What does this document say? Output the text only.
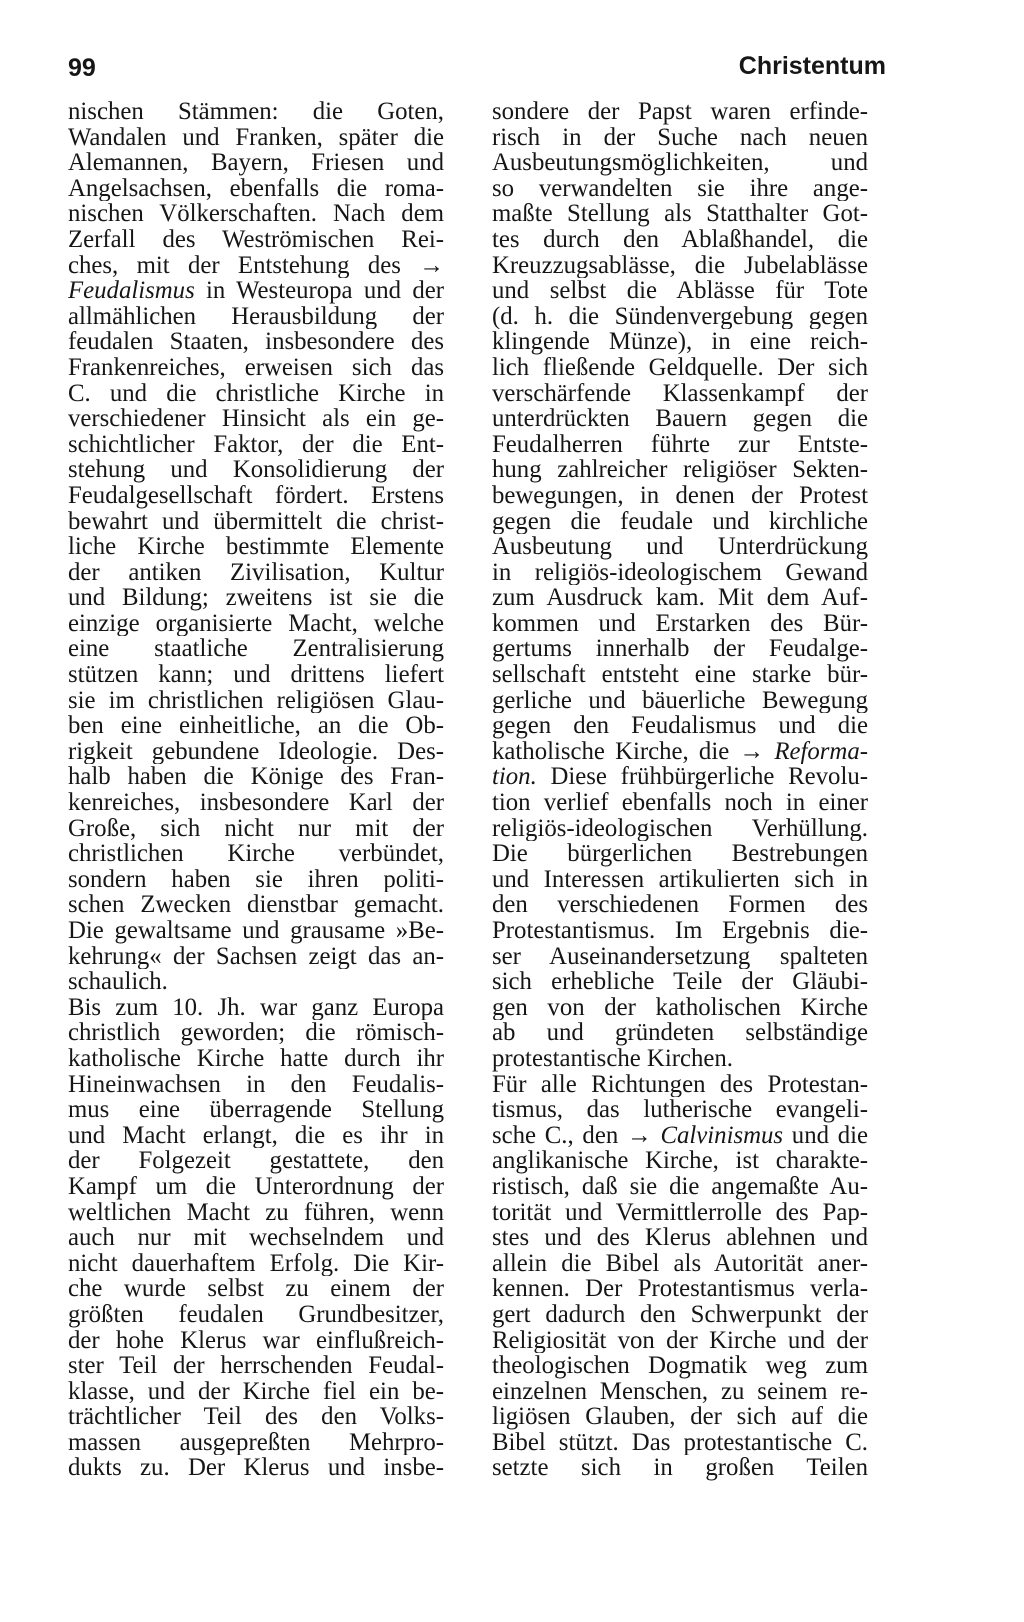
99	Christentum
nischen Stämmen: die Goten,
Wandalen und Franken, später die
Alemannen, Bayern, Friesen und
Angelsachsen, ebenfalls die roma-
nischen Völkerschaften. Nach dem
Zerfall des Weströmischen Rei-
ches, mit der Entstehung des →
Feudalismus in Westeuropa und der
allmählichen Herausbildung der
feudalen Staaten, insbesondere des
Frankenreiches, erweisen sich das
C. und die christliche Kirche in
verschiedener Hinsicht als ein ge-
schichtlicher Faktor, der die Ent-
stehung und Konsolidierung der
Feudalgesellschaft fördert. Erstens
bewahrt und übermittelt die christ-
liche Kirche bestimmte Elemente
der antiken Zivilisation, Kultur
und Bildung; zweitens ist sie die
einzige organisierte Macht, welche
eine staatliche Zentralisierung
stützen kann; und drittens liefert
sie im christlichen religiösen Glau-
ben eine einheitliche, an die Ob-
rigkeit gebundene Ideologie. Des-
halb haben die Könige des Fran-
kenreiches, insbesondere Karl der
Große, sich nicht nur mit der
christlichen Kirche verbündet,
sondern haben sie ihren politi-
schen Zwecken dienstbar gemacht.
Die gewaltsame und grausame »Be-
kehrung« der Sachsen zeigt das an-
schaulich.
Bis zum 10. Jh. war ganz Europa
christlich geworden; die römisch-
katholische Kirche hatte durch ihr
Hineinwachsen in den Feudalis-
mus eine überragende Stellung
und Macht erlangt, die es ihr in
der Folgezeit gestattete, den
Kampf um die Unterordnung der
weltlichen Macht zu führen, wenn
auch nur mit wechselndem und
nicht dauerhaftem Erfolg. Die Kir-
che wurde selbst zu einem der
größten feudalen Grundbesitzer,
der hohe Klerus war einflußreich-
ster Teil der herrschenden Feudal-
klasse, und der Kirche fiel ein be-
trächtlicher Teil des den Volks-
massen ausgepreßten Mehrpro-
dukts zu. Der Klerus und insbe-
sondere der Papst waren erfinde-
risch in der Suche nach neuen
Ausbeutungsmöglichkeiten, und
so verwandelten sie ihre ange-
maßte Stellung als Statthalter Got-
tes durch den Ablaßhandel, die
Kreuzzugsablässe, die Jubelablässe
und selbst die Ablässe für Tote
(d. h. die Sündenvergebung gegen
klingende Münze), in eine reich-
lich fließende Geldquelle. Der sich
verschärfende Klassenkampf der
unterdrückten Bauern gegen die
Feudalherren führte zur Entste-
hung zahlreicher religiöser Sekten-
bewegungen, in denen der Protest
gegen die feudale und kirchliche
Ausbeutung und Unterdrückung
in religiös-ideologischem Gewand
zum Ausdruck kam. Mit dem Auf-
kommen und Erstarken des Bür-
gertums innerhalb der Feudalge-
sellschaft entsteht eine starke bür-
gerliche und bäuerliche Bewegung
gegen den Feudalismus und die
katholische Kirche, die → Reforma-
tion. Diese frühbürgerliche Revolu-
tion verlief ebenfalls noch in einer
religiös-ideologischen Verhüllung.
Die bürgerlichen Bestrebungen
und Interessen artikulierten sich in
den verschiedenen Formen des
Protestantismus. Im Ergebnis die-
ser Auseinandersetzung spalteten
sich erhebliche Teile der Gläubi-
gen von der katholischen Kirche
ab und gründeten selbständige
protestantische Kirchen.
Für alle Richtungen des Protestan-
tismus, das lutherische evangeli-
sche C., den → Calvinismus und die
anglikanische Kirche, ist charakte-
ristisch, daß sie die angemaßte Au-
torität und Vermittlerrolle des Pap-
stes und des Klerus ablehnen und
allein die Bibel als Autorität aner-
kennen. Der Protestantismus verla-
gert dadurch den Schwerpunkt der
Religiosität von der Kirche und der
theologischen Dogmatik weg zum
einzelnen Menschen, zu seinem re-
ligiösen Glauben, der sich auf die
Bibel stützt. Das protestantische C.
setzte sich in großen Teilen
